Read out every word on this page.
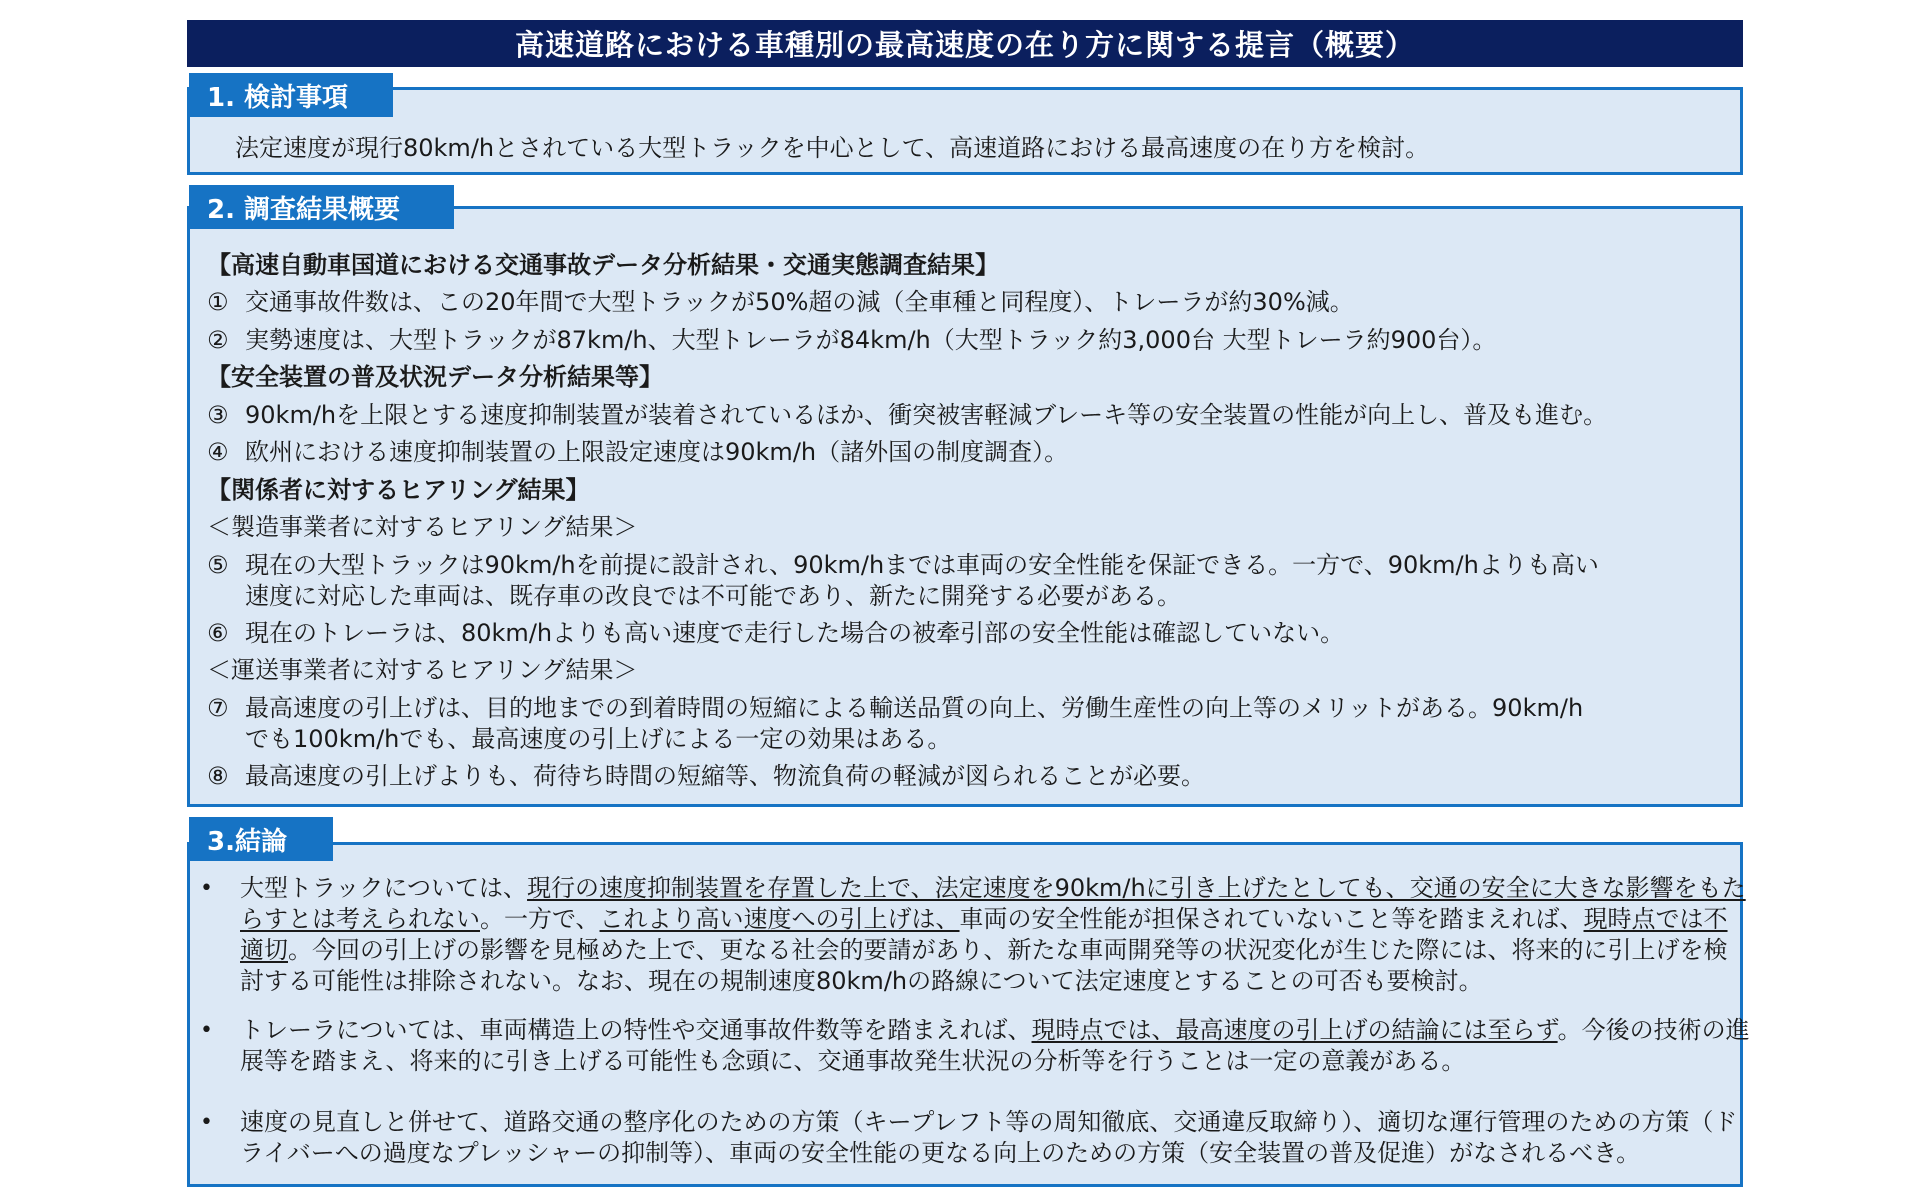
高速道路における車種別の最高速度の在り方に関する提言（概要）
1. 検討事項
法定速度が現行80km/hとされている大型トラックを中心として、高速道路における最高速度の在り方を検討。
2. 調査結果概要
【高速自動車国道における交通事故データ分析結果・交通実態調査結果】
① 交通事故件数は、この20年間で大型トラックが50%超の減（全車種と同程度）、トレーラが約30%減。
② 実勢速度は、大型トラックが87km/h、大型トレーラが84km/h（大型トラック約3,000台 大型トレーラ約900台）。
【安全装置の普及状況データ分析結果等】
③ 90km/hを上限とする速度抑制装置が装着されているほか、衝突被害軽減ブレーキ等の安全装置の性能が向上し、普及も進む。
④ 欧州における速度抑制装置の上限設定速度は90km/h（諸外国の制度調査）。
【関係者に対するヒアリング結果】
＜製造事業者に対するヒアリング結果＞
⑤ 現在の大型トラックは90km/hを前提に設計され、90km/hまでは車両の安全性能を保証できる。一方で、90km/hよりも高い
速度に対応した車両は、既存車の改良では不可能であり、新たに開発する必要がある。
⑥ 現在のトレーラは、80km/hよりも高い速度で走行した場合の被牽引部の安全性能は確認していない。
＜運送事業者に対するヒアリング結果＞
⑦ 最高速度の引上げは、目的地までの到着時間の短縮による輸送品質の向上、労働生産性の向上等のメリットがある。90km/h
でも100km/hでも、最高速度の引上げによる一定の効果はある。
⑧ 最高速度の引上げよりも、荷待ち時間の短縮等、物流負荷の軽減が図られることが必要。
3.結論
• 大型トラックについては、現行の速度抑制装置を存置した上で、法定速度を90km/hに引き上げたとしても、交通の安全に大きな影響をもたらすとは考えられない。一方で、これより高い速度への引上げは、車両の安全性能が担保されていないこと等を踏まえれば、現時点では不適切。今回の引上げの影響を見極めた上で、更なる社会的要請があり、新たな車両開発等の状況変化が生じた際には、将来的に引上げを検討する可能性は排除されない。なお、現在の規制速度80km/hの路線について法定速度とすることの可否も要検討。
• トレーラについては、車両構造上の特性や交通事故件数等を踏まえれば、現時点では、最高速度の引上げの結論には至らず。今後の技術の進展等を踏まえ、将来的に引き上げる可能性も念頭に、交通事故発生状況の分析等を行うことは一定の意義がある。
• 速度の見直しと併せて、道路交通の整序化のための方策（キープレフト等の周知徹底、交通違反取締り）、適切な運行管理のための方策（ドライバーへの過度なプレッシャーの抑制等）、車両の安全性能の更なる向上のための方策（安全装置の普及促進）がなされるべき。
